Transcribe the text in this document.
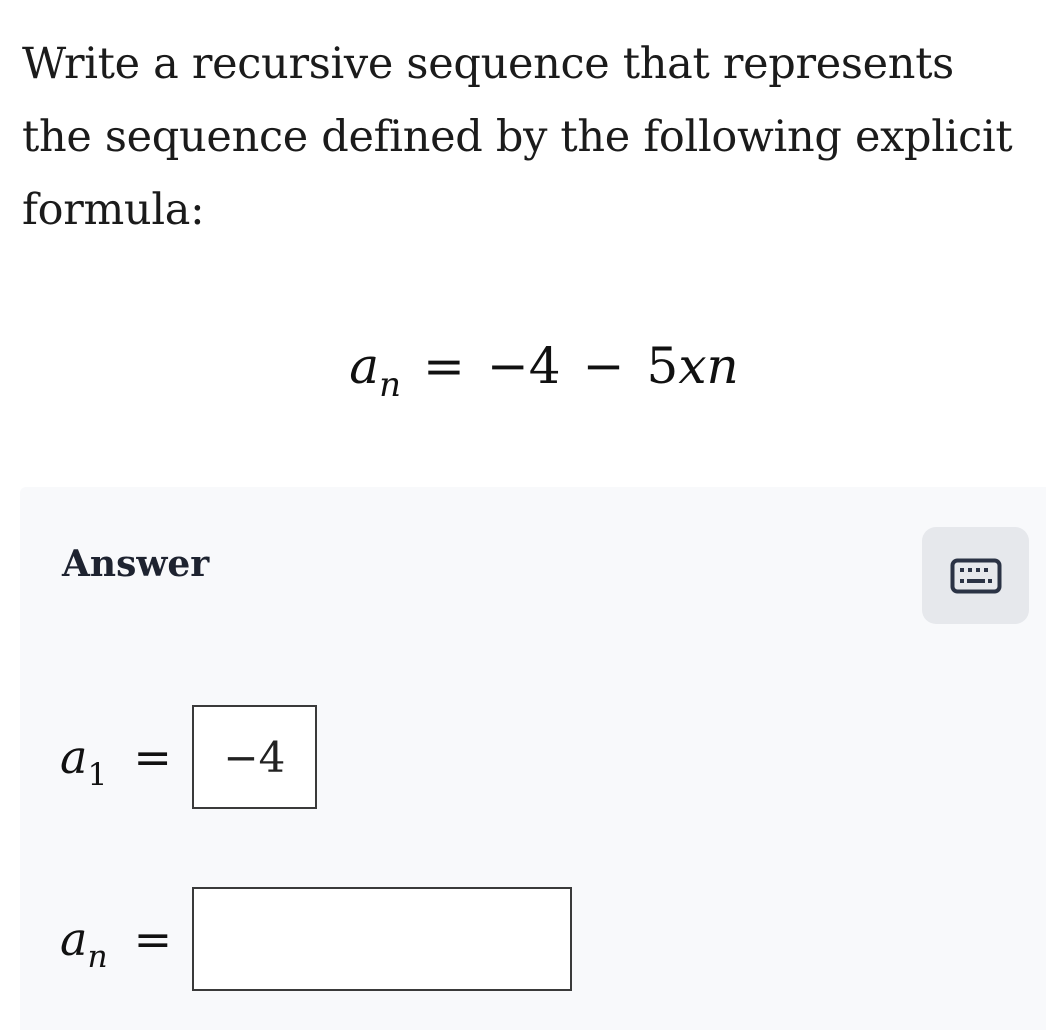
Write a recursive sequence that represents the sequence defined by the following explicit formula:
$a_n = -4 - 5xn$
Answer
$a_1$ =	−4
$a_n$ =
